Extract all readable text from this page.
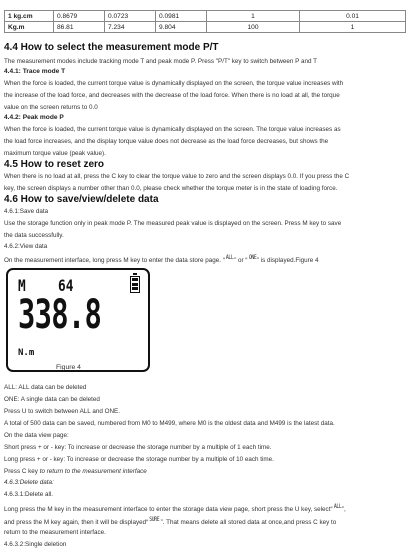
1 kg.cm	0.8679	0.0723	0.0981	1	0.01
Kg.m	86.81	7.234	9.804	100	1
4.4 How to select the measurement mode P/T
The measurement modes include tracking mode T and peak mode P. Press "P/T" key to switch between P and T
4.4.1: Trace mode T
When the force is loaded, the current torque value is dynamically displayed on the screen, the torque value increases with
the increase of the load force, and decreases with the decrease of the load force. When there is no load at all, the torque
value on the screen returns to 0.0
4.4.2: Peak mode P
When the force is loaded, the current torque value is dynamically displayed on the screen. The torque value increases as
the load force increases, and the display torque value does not decrease as the load force decreases, but shows the
maximum torque value (peak value).
4.5 How to reset zero
When there is no load at all, press the C key to clear the torque value to zero and the screen displays 0.0. If you press the C
key, the screen displays a number other than 0.0, please check whether the torque meter is in the state of loading force.
4.6 How to save/view/delete data
4.6.1:Save data
Use the storage function only in peak mode P. The measured peak value is displayed on the screen. Press M key to save
the data successfully.
4.6.2:View data
On the measurement interface, long press M key to enter the data store page. “ALL” or “ONE” is displayed.Figure 4
M 64
338.8
N.m
Figure 4
ALL: ALL data can be deleted
ONE: A single data can be deleted
Press U to switch between ALL and ONE.
A total of 500 data can be saved, numbered from M0 to M499, where M0 is the oldest data and M499 is the latest data.
On the data view page:
Short press + or - key: To increase or decrease the storage number by a multiple of 1 each time.
Long press + or - key: To increase or decrease the storage number by a multiple of 10 each time.
Press C key to return to the measurement interface
4.6.3:Delete data:
4.6.3.1:Delete all.
Long press the M key in the measurement interface to enter the storage data view page, short press the U key, select“ALL”,
and press the M key again, then it will be displayed“SURE”. That means delete all stored data at once,and press C key to
return to the measurement interface.
4.6.3.2:Single deletion
